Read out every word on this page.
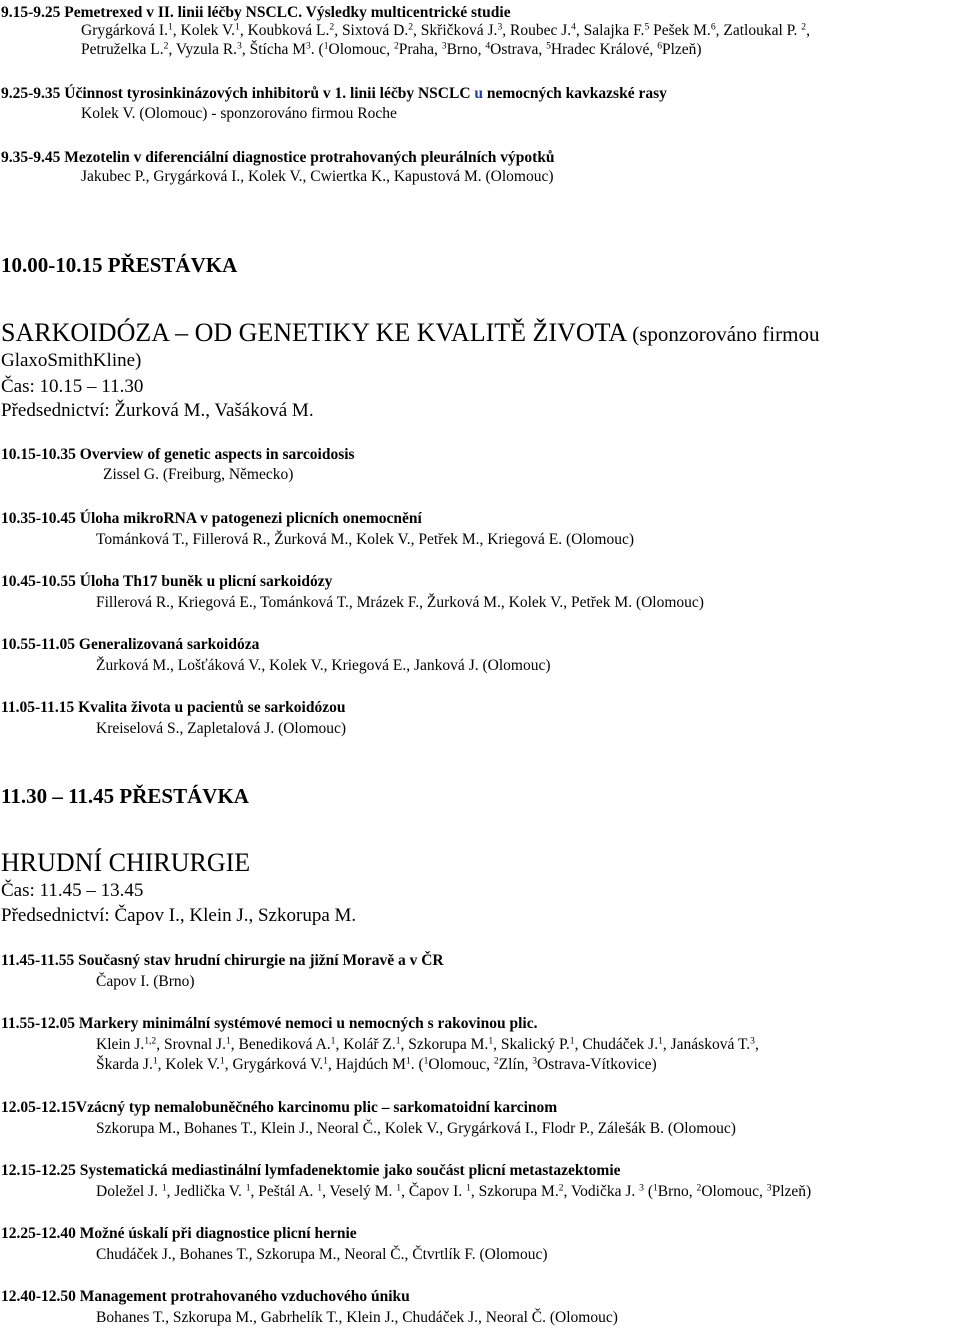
9.15-9.25 Pemetrexed v II. linii léčby NSCLC. Výsledky multicentrické studie
Grygárková I.$^1$, Kolek V.$^1$, Koubková L.$^2$, Sixtová D.$^2$, Skřičková J.$^3$, Roubec J.$^4$, Salajka F.$^5$ Pešek M.$^6$, Zatloukal P. $^2$,
Petruželka L.$^2$, Vyzula R.$^3$, Štícha $M^3$. ($^1$Olomouc, $^2$Praha, $^3$Brno, $^4$Ostrava, $^5$Hradec Králové, $^6$Plzeň)
9.25-9.35 Účinnost tyrosinkinázových inhibitorů v 1. linii léčby NSCLC u nemocných kavkazské rasy
Kolek V. (Olomouc) - sponzorováno firmou Roche
9.35-9.45 Mezotelin v diferenciální diagnostice protrahovaných pleurálních výpotků
Jakubec P., Grygárková I., Kolek V., Cwiertka K., Kapustová M. (Olomouc)
10.00-10.15 PŘESTÁVKA
SARKOIDÓZA – OD GENETIKY KE KVALITĚ ŽIVOTA (sponzorováno firmou
GlaxoSmithKline)
Čas: 10.15 – 11.30
Předsednictví: Žurková M., Vašáková M.
10.15-10.35 Overview of genetic aspects in sarcoidosis
Zissel G. (Freiburg, Německo)
10.35-10.45 Úloha mikroRNA v patogenezi plicních onemocnění
Tománková T., Fillerová R., Žurková M., Kolek V., Petřek M., Kriegová E. (Olomouc)
10.45-10.55 Úloha Th17 buněk u plicní sarkoidózy
Fillerová R., Kriegová E., Tománková T., Mrázek F., Žurková M., Kolek V., Petřek M. (Olomouc)
10.55-11.05 Generalizovaná sarkoidóza
Žurková M., Lošťáková V., Kolek V., Kriegová E., Janková J. (Olomouc)
11.05-11.15 Kvalita života u pacientů se sarkoidózou
Kreiselová S., Zapletalová J. (Olomouc)
11.30 – 11.45 PŘESTÁVKA
HRUDNÍ CHIRURGIE
Čas: 11.45 – 13.45
Předsednictví: Čapov I., Klein J., Szkorupa M.
11.45-11.55 Současný stav hrudní chirurgie na jižní Moravě a v ČR
Čapov I. (Brno)
11.55-12.05 Markery minimální systémové nemoci u nemocných s rakovinou plic.
Klein J.$^{1,2}$, Srovnal J.$^1$, Benediková A.$^1$, Kolář Z.$^1$, Szkorupa M.$^1$, Skalický P.$^1$, Chudáček J.$^1$, Janásková T.$^3$,
Škarda J.$^1$, Kolek V.$^1$, Grygárková V.$^1$, Hajdúch $M^1$. ($^1$Olomouc, $^2$Zlín, $^3$Ostrava-Vítkovice)
12.05-12.15Vzácný typ nemalobuněčného karcinomu plic – sarkomatoidní karcinom
Szkorupa M., Bohanes T., Klein J., Neoral Č., Kolek V., Grygárková I., Flodr P., Zálešák B. (Olomouc)
12.15-12.25 Systematická mediastinální lymfadenektomie jako součást plicní metastazektomie
Doležel J. $^1$, Jedlička V. $^1$, Peštál A. $^1$, Veselý M. $^1$, Čapov I. $^1$, Szkorupa M.$^2$, Vodička J. $^3$ ($^1$Brno, $^2$Olomouc, $^3$Plzeň)
12.25-12.40 Možné úskalí při diagnostice plicní hernie
Chudáček J., Bohanes T., Szkorupa M., Neoral Č., Čtvrtlík F. (Olomouc)
12.40-12.50 Management protrahovaného vzduchového úniku
Bohanes T., Szkorupa M., Gabrhelík T., Klein J., Chudáček J., Neoral Č. (Olomouc)
